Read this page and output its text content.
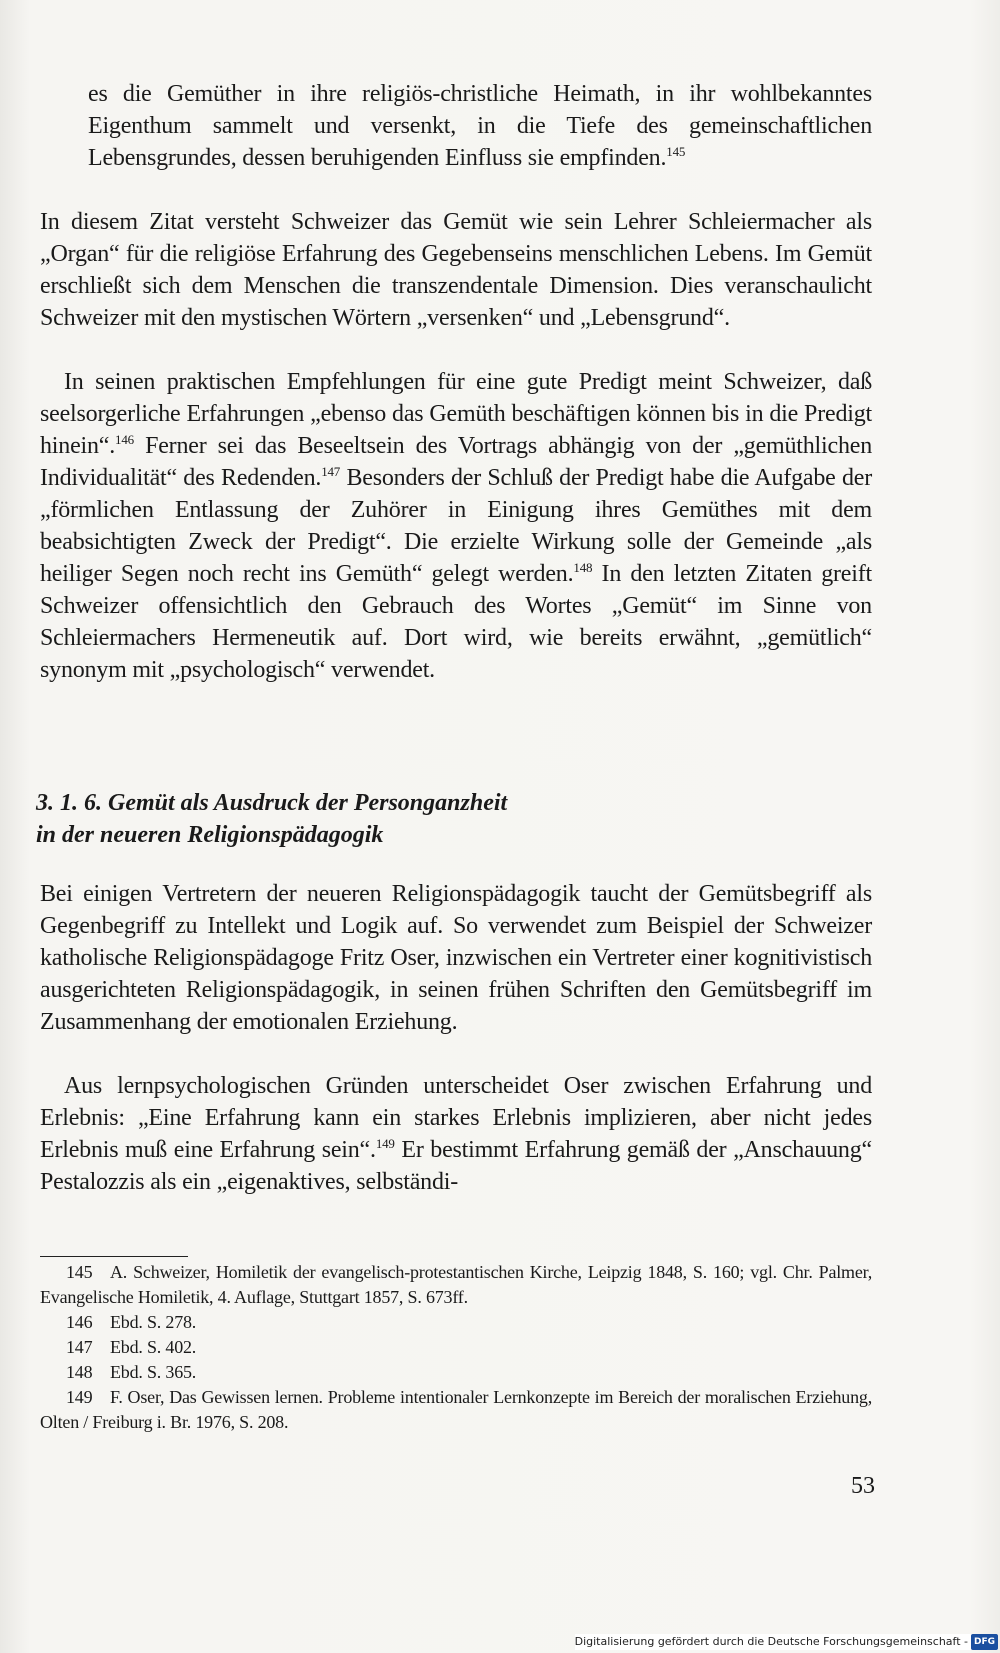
es die Gemüther in ihre religiös-christliche Heimath, in ihr wohlbekanntes Eigenthum sammelt und versenkt, in die Tiefe des gemeinschaftlichen Lebensgrundes, dessen beruhigenden Einfluss sie empfinden.$^{145}$

In diesem Zitat versteht Schweizer das Gemüt wie sein Lehrer Schleiermacher als „Organ“ für die religiöse Erfahrung des Gegebenseins menschlichen Lebens. Im Gemüt erschließt sich dem Menschen die transzendentale Dimension. Dies veranschaulicht Schweizer mit den mystischen Wörtern „versenken“ und „Lebensgrund“.

In seinen praktischen Empfehlungen für eine gute Predigt meint Schweizer, daß seelsorgerliche Erfahrungen „ebenso das Gemüth beschäftigen können bis in die Predigt hinein“.$^{146}$ Ferner sei das Beseeltsein des Vortrags abhängig von der „gemüthlichen Individualität“ des Redenden.$^{147}$ Besonders der Schluß der Predigt habe die Aufgabe der „förmlichen Entlassung der Zuhörer in Einigung ihres Gemüthes mit dem beabsichtigten Zweck der Predigt“. Die erzielte Wirkung solle der Gemeinde „als heiliger Segen noch recht ins Gemüth“ gelegt werden.$^{148}$ In den letzten Zitaten greift Schweizer offensichtlich den Gebrauch des Wortes „Gemüt“ im Sinne von Schleiermachers Hermeneutik auf. Dort wird, wie bereits erwähnt, „gemütlich“ synonym mit „psychologisch“ verwendet.

3. 1. 6. Gemüt als Ausdruck der Personganzheit
in der neueren Religionspädagogik

Bei einigen Vertretern der neueren Religionspädagogik taucht der Gemütsbegriff als Gegenbegriff zu Intellekt und Logik auf. So verwendet zum Beispiel der Schweizer katholische Religionspädagoge Fritz Oser, inzwischen ein Vertreter einer kognitivistisch ausgerichteten Religionspädagogik, in seinen frühen Schriften den Gemütsbegriff im Zusammenhang der emotionalen Erziehung.

Aus lernpsychologischen Gründen unterscheidet Oser zwischen Erfahrung und Erlebnis: „Eine Erfahrung kann ein starkes Erlebnis implizieren, aber nicht jedes Erlebnis muß eine Erfahrung sein“.$^{149}$ Er bestimmt Erfahrung gemäß der „Anschauung“ Pestalozzis als ein „eigenaktives, selbständi-

145 A. Schweizer, Homiletik der evangelisch-protestantischen Kirche, Leipzig 1848, S. 160; vgl. Chr. Palmer, Evangelische Homiletik, 4. Auflage, Stuttgart 1857, S. 673ff.

146 Ebd. S. 278.

147 Ebd. S. 402.

148 Ebd. S. 365.

149 F. Oser, Das Gewissen lernen. Probleme intentionaler Lernkonzepte im Bereich der moralischen Erziehung, Olten / Freiburg i. Br. 1976, S. 208.

53
Digitalisierung gefördert durch die Deutsche Forschungsgemeinschaft - DFG
